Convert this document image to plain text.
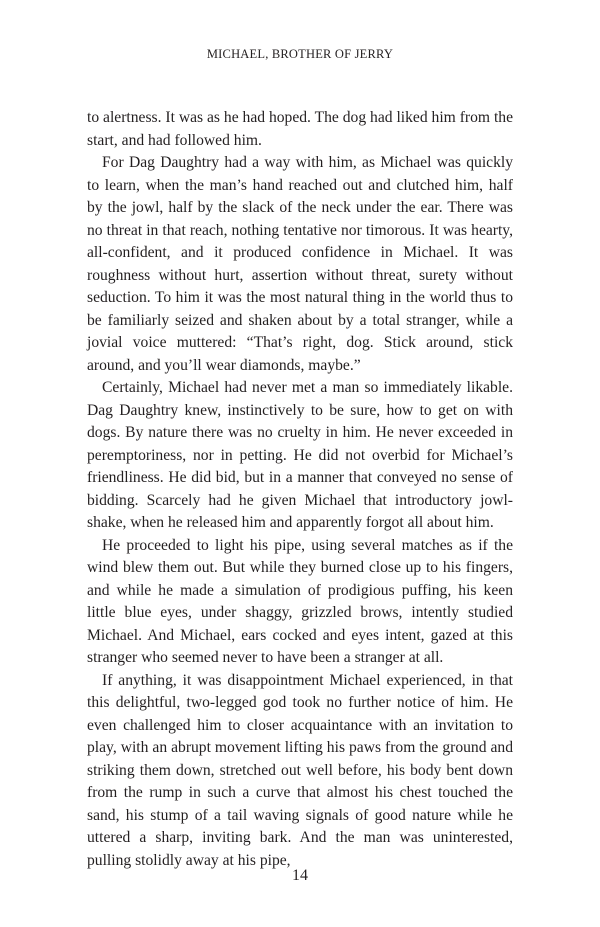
MICHAEL, BROTHER OF JERRY

to alertness. It was as he had hoped. The dog had liked him from the start, and had followed him.

For Dag Daughtry had a way with him, as Michael was quickly to learn, when the man’s hand reached out and clutched him, half by the jowl, half by the slack of the neck under the ear. There was no threat in that reach, nothing tentative nor timorous. It was hearty, all-confident, and it produced confidence in Michael. It was roughness without hurt, assertion without threat, surety without seduction. To him it was the most natural thing in the world thus to be familiarly seized and shaken about by a total stranger, while a jovial voice muttered: “That’s right, dog. Stick around, stick around, and you’ll wear diamonds, maybe.”

Certainly, Michael had never met a man so immediately likable. Dag Daughtry knew, instinctively to be sure, how to get on with dogs. By nature there was no cruelty in him. He never exceeded in peremptoriness, nor in petting. He did not overbid for Michael’s friendliness. He did bid, but in a manner that conveyed no sense of bidding. Scarcely had he given Michael that introductory jowl-shake, when he released him and apparently forgot all about him.

He proceeded to light his pipe, using several matches as if the wind blew them out. But while they burned close up to his fingers, and while he made a simulation of prodigious puffing, his keen little blue eyes, under shaggy, grizzled brows, intently studied Michael. And Michael, ears cocked and eyes intent, gazed at this stranger who seemed never to have been a stranger at all.

If anything, it was disappointment Michael experienced, in that this delightful, two-legged god took no further notice of him. He even challenged him to closer acquaintance with an invitation to play, with an abrupt movement lifting his paws from the ground and striking them down, stretched out well before, his body bent down from the rump in such a curve that almost his chest touched the sand, his stump of a tail waving signals of good nature while he uttered a sharp, inviting bark. And the man was uninterested, pulling stolidly away at his pipe,

14
